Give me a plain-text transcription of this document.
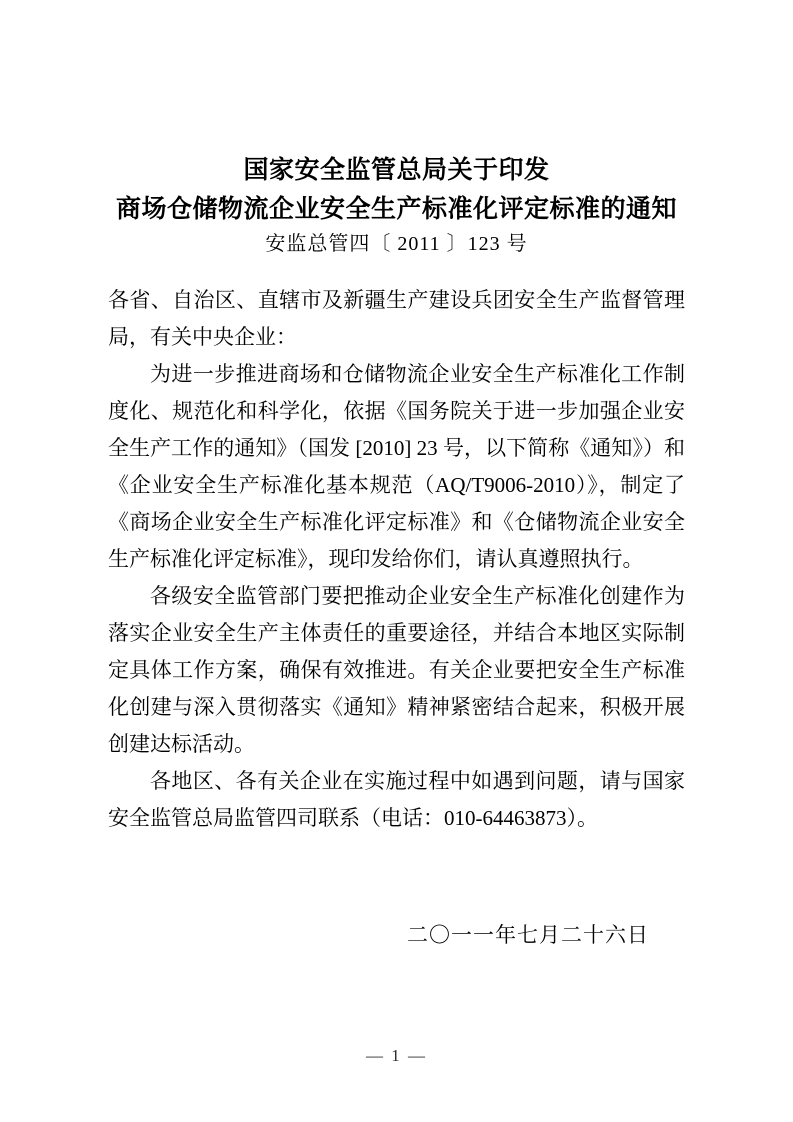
国家安全监管总局关于印发
商场仓储物流企业安全生产标准化评定标准的通知
安监总管四〔 2011 〕123 号

各省、自治区、直辖市及新疆生产建设兵团安全生产监督管理局，有关中央企业：

为进一步推进商场和仓储物流企业安全生产标准化工作制度化、规范化和科学化，依据《国务院关于进一步加强企业安全生产工作的通知》（国发 [2010] 23 号，以下简称《通知》）和《企业安全生产标准化基本规范（AQ/T9006-2010）》，制定了《商场企业安全生产标准化评定标准》和《仓储物流企业安全生产标准化评定标准》，现印发给你们，请认真遵照执行。

各级安全监管部门要把推动企业安全生产标准化创建作为落实企业安全生产主体责任的重要途径，并结合本地区实际制定具体工作方案，确保有效推进。有关企业要把安全生产标准化创建与深入贯彻落实《通知》精神紧密结合起来，积极开展创建达标活动。

各地区、各有关企业在实施过程中如遇到问题，请与国家安全监管总局监管四司联系（电话：010-64463873）。

二〇一一年七月二十六日
— 1 —
